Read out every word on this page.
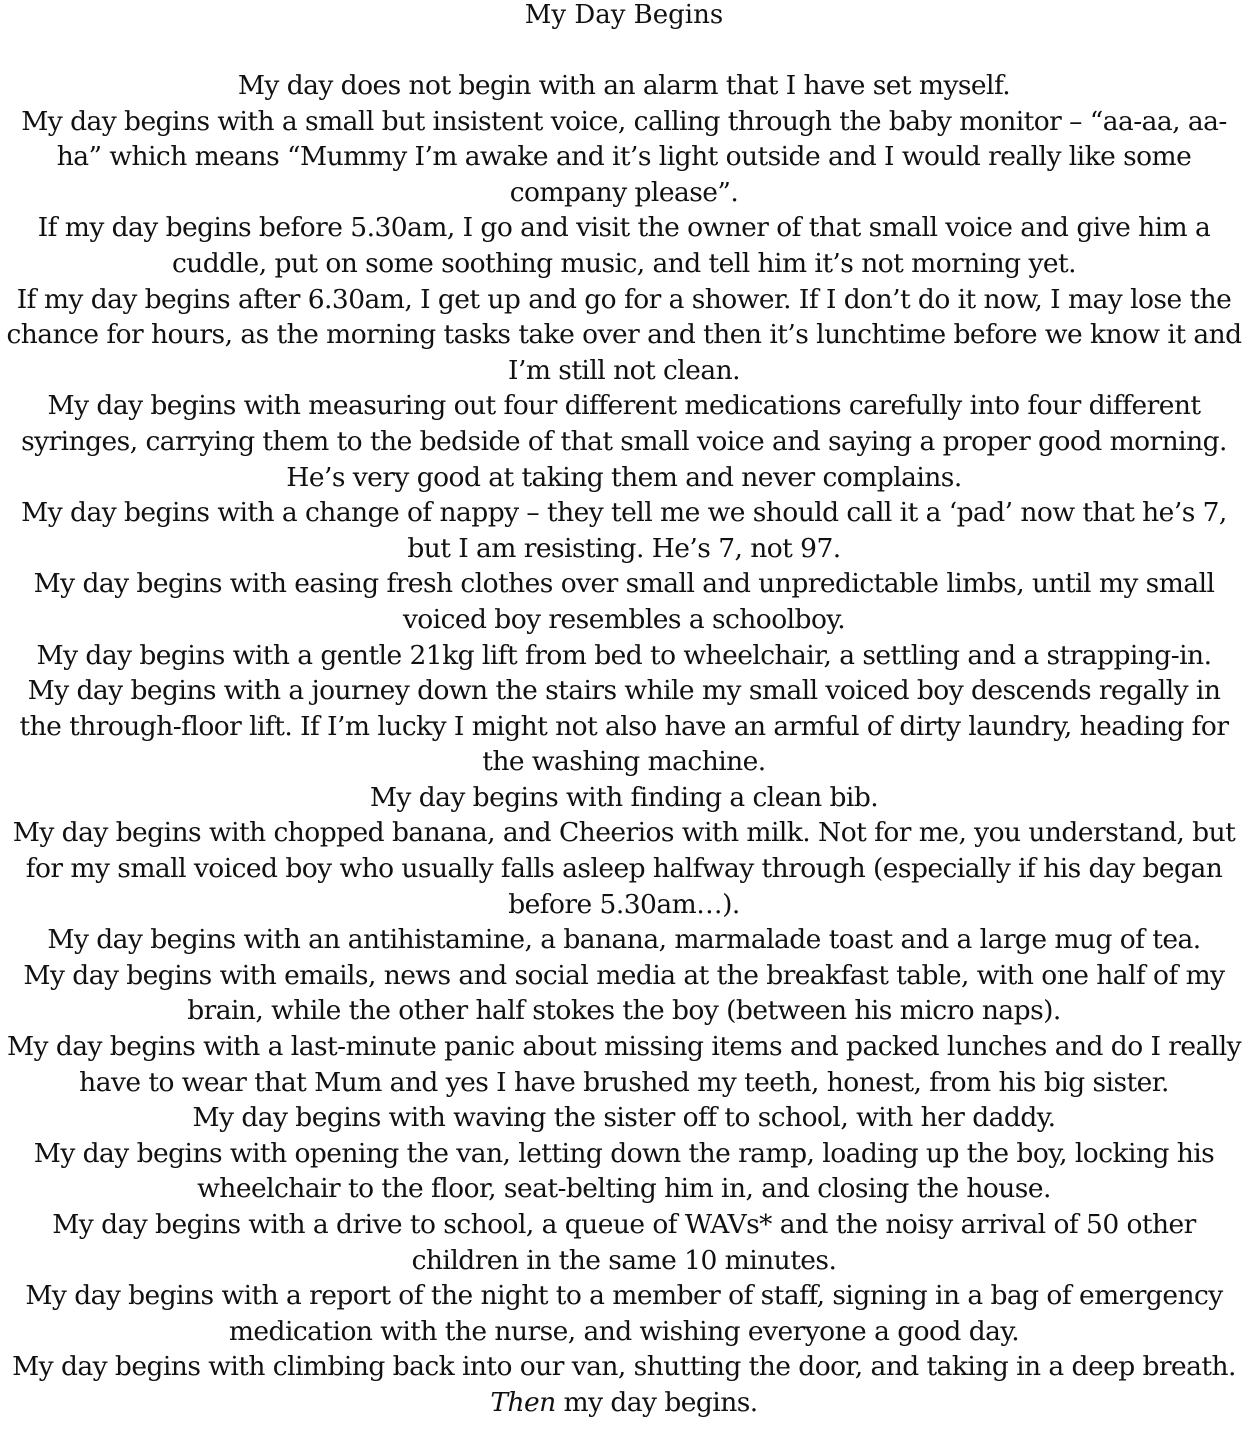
My Day Begins

My day does not begin with an alarm that I have set myself.

My day begins with a small but insistent voice, calling through the baby monitor – “aa-aa, aa-ha” which means “Mummy I’m awake and it’s light outside and I would really like some company please”.

If my day begins before 5.30am, I go and visit the owner of that small voice and give him a cuddle, put on some soothing music, and tell him it’s not morning yet.

If my day begins after 6.30am, I get up and go for a shower. If I don’t do it now, I may lose the chance for hours, as the morning tasks take over and then it’s lunchtime before we know it and I’m still not clean.

My day begins with measuring out four different medications carefully into four different syringes, carrying them to the bedside of that small voice and saying a proper good morning. He’s very good at taking them and never complains.

My day begins with a change of nappy – they tell me we should call it a ‘pad’ now that he’s 7, but I am resisting. He’s 7, not 97.

My day begins with easing fresh clothes over small and unpredictable limbs, until my small voiced boy resembles a schoolboy.

My day begins with a gentle 21kg lift from bed to wheelchair, a settling and a strapping-in.

My day begins with a journey down the stairs while my small voiced boy descends regally in the through-floor lift. If I’m lucky I might not also have an armful of dirty laundry, heading for the washing machine.

My day begins with finding a clean bib.

My day begins with chopped banana, and Cheerios with milk. Not for me, you understand, but for my small voiced boy who usually falls asleep halfway through (especially if his day began before 5.30am…).

My day begins with an antihistamine, a banana, marmalade toast and a large mug of tea.

My day begins with emails, news and social media at the breakfast table, with one half of my brain, while the other half stokes the boy (between his micro naps).

My day begins with a last-minute panic about missing items and packed lunches and do I really have to wear that Mum and yes I have brushed my teeth, honest, from his big sister.

My day begins with waving the sister off to school, with her daddy.

My day begins with opening the van, letting down the ramp, loading up the boy, locking his wheelchair to the floor, seat-belting him in, and closing the house.

My day begins with a drive to school, a queue of WAVs* and the noisy arrival of 50 other children in the same 10 minutes.

My day begins with a report of the night to a member of staff, signing in a bag of emergency medication with the nurse, and wishing everyone a good day.

My day begins with climbing back into our van, shutting the door, and taking in a deep breath.

Then my day begins.
